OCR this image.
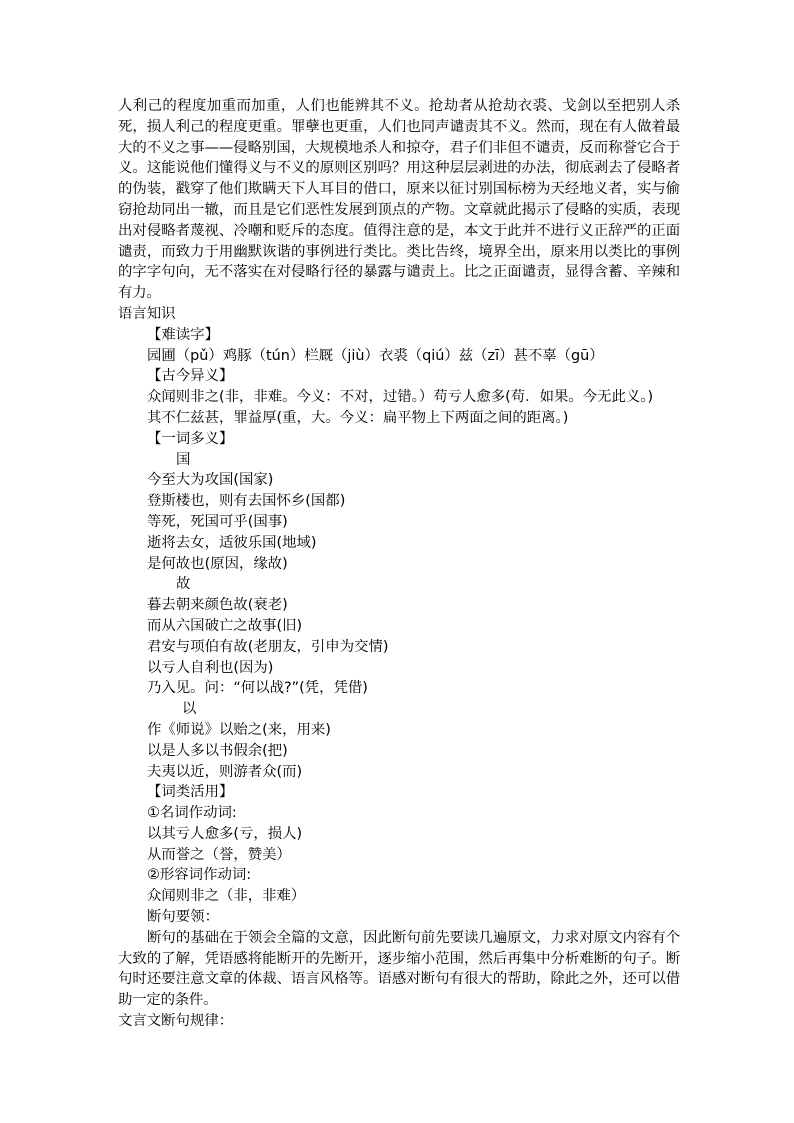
人利己的程度加重而加重，人们也能辨其不义。抢劫者从抢劫衣裘、戈剑以至把别人杀死，损人利己的程度更重。罪孽也更重，人们也同声谴责其不义。然而，现在有人做着最大的不义之事——侵略别国，大规模地杀人和掠夺，君子们非但不谴责，反而称誉它合于义。这能说他们懂得义与不义的原则区别吗？用这种层层剥进的办法，彻底剥去了侵略者的伪装，戳穿了他们欺瞒天下人耳目的借口，原来以征讨别国标榜为天经地义者，实与偷窃抢劫同出一辙，而且是它们恶性发展到顶点的产物。文章就此揭示了侵略的实质，表现出对侵略者蔑视、冷嘲和贬斥的态度。值得注意的是，本文于此并不进行义正辞严的正面谴责，而致力于用幽默诙谐的事例进行类比。类比告终，境界全出，原来用以类比的事例的字字句向，无不落实在对侵略行径的暴露与谴责上。比之正面谴责，显得含蓄、辛辣和有力。

语言知识

【难读字】

园圃（pǔ）鸡豚（tún）栏厩（jiù）衣裘（qiú）兹（zī）甚不辜（gū）

【古今异义】

众闻则非之(非，非难。今义：不对，过错。）苟亏人愈多(苟．如果。今无此义。)

其不仁兹甚，罪益厚(重，大。今义：扁平物上下两面之间的距离。)

【一词多义】

国

今至大为攻国(国家)

登斯楼也，则有去国怀乡(国都)

等死，死国可乎(国事)

逝将去女，适彼乐国(地域)

是何故也(原因，缘故)

故

暮去朝来颜色故(衰老)

而从六国破亡之故事(旧)

君安与项伯有故(老朋友，引申为交情)

以亏人自利也(因为)

乃入见。问：“何以战?”(凭，凭借)

以

作《师说》以贻之(来，用来)

以是人多以书假余(把)

夫夷以近，则游者众(而)

【词类活用】

①名词作动词:

以其亏人愈多(亏，损人)

从而誉之（誉，赞美）

②形容词作动词:

众闻则非之（非，非难）

断句要领：

断句的基础在于领会全篇的文意，因此断句前先要读几遍原文，力求对原文内容有个大致的了解，凭语感将能断开的先断开，逐步缩小范围，然后再集中分析难断的句子。断句时还要注意文章的体裁、语言风格等。语感对断句有很大的帮助，除此之外，还可以借助一定的条件。

文言文断句规律：
